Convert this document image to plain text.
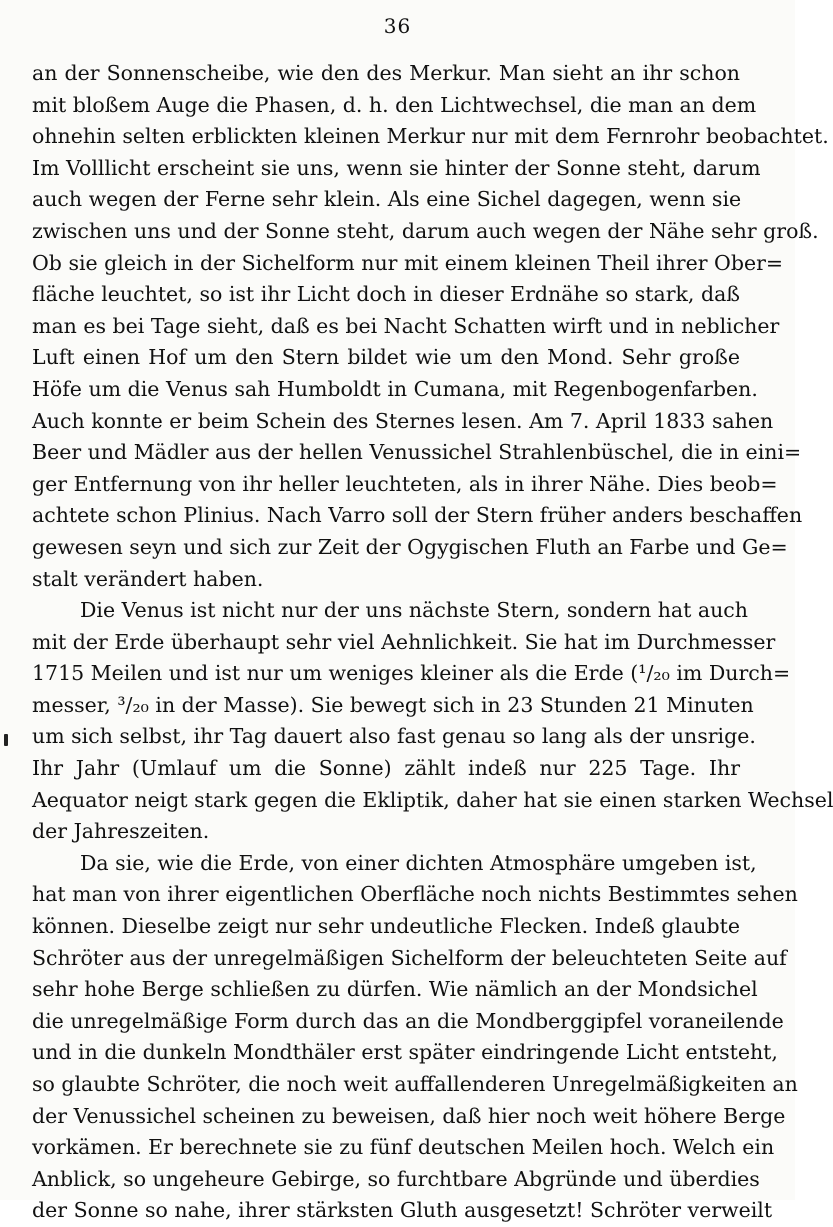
36
an der Sonnenscheibe, wie den des Merkur. Man sieht an ihr schon
mit bloßem Auge die Phasen, d. h. den Lichtwechsel, die man an dem
ohnehin selten erblickten kleinen Merkur nur mit dem Fernrohr beobachtet.
Im Volllicht erscheint sie uns, wenn sie hinter der Sonne steht, darum
auch wegen der Ferne sehr klein. Als eine Sichel dagegen, wenn sie
zwischen uns und der Sonne steht, darum auch wegen der Nähe sehr groß.
Ob sie gleich in der Sichelform nur mit einem kleinen Theil ihrer Ober=
fläche leuchtet, so ist ihr Licht doch in dieser Erdnähe so stark, daß
man es bei Tage sieht, daß es bei Nacht Schatten wirft und in neblicher
Luft einen Hof um den Stern bildet wie um den Mond. Sehr große
Höfe um die Venus sah Humboldt in Cumana, mit Regenbogenfarben.
Auch konnte er beim Schein des Sternes lesen. Am 7. April 1833 sahen
Beer und Mädler aus der hellen Venussichel Strahlenbüschel, die in eini=
ger Entfernung von ihr heller leuchteten, als in ihrer Nähe. Dies beob=
achtete schon Plinius. Nach Varro soll der Stern früher anders beschaffen
gewesen seyn und sich zur Zeit der Ogygischen Fluth an Farbe und Ge=
stalt verändert haben.
Die Venus ist nicht nur der uns nächste Stern, sondern hat auch
mit der Erde überhaupt sehr viel Aehnlichkeit. Sie hat im Durchmesser
1715 Meilen und ist nur um weniges kleiner als die Erde (¹/₂₀ im Durch=
messer, ³/₂₀ in der Masse). Sie bewegt sich in 23 Stunden 21 Minuten
um sich selbst, ihr Tag dauert also fast genau so lang als der unsrige.
Ihr Jahr (Umlauf um die Sonne) zählt indeß nur 225 Tage. Ihr
Aequator neigt stark gegen die Ekliptik, daher hat sie einen starken Wechsel
der Jahreszeiten.
Da sie, wie die Erde, von einer dichten Atmosphäre umgeben ist,
hat man von ihrer eigentlichen Oberfläche noch nichts Bestimmtes sehen
können. Dieselbe zeigt nur sehr undeutliche Flecken. Indeß glaubte
Schröter aus der unregelmäßigen Sichelform der beleuchteten Seite auf
sehr hohe Berge schließen zu dürfen. Wie nämlich an der Mondsichel
die unregelmäßige Form durch das an die Mondberggipfel voraneilende
und in die dunkeln Mondthäler erst später eindringende Licht entsteht,
so glaubte Schröter, die noch weit auffallenderen Unregelmäßigkeiten an
der Venussichel scheinen zu beweisen, daß hier noch weit höhere Berge
vorkämen. Er berechnete sie zu fünf deutschen Meilen hoch. Welch ein
Anblick, so ungeheure Gebirge, so furchtbare Abgründe und überdies
der Sonne so nahe, ihrer stärksten Gluth ausgesetzt! Schröter verweilt
